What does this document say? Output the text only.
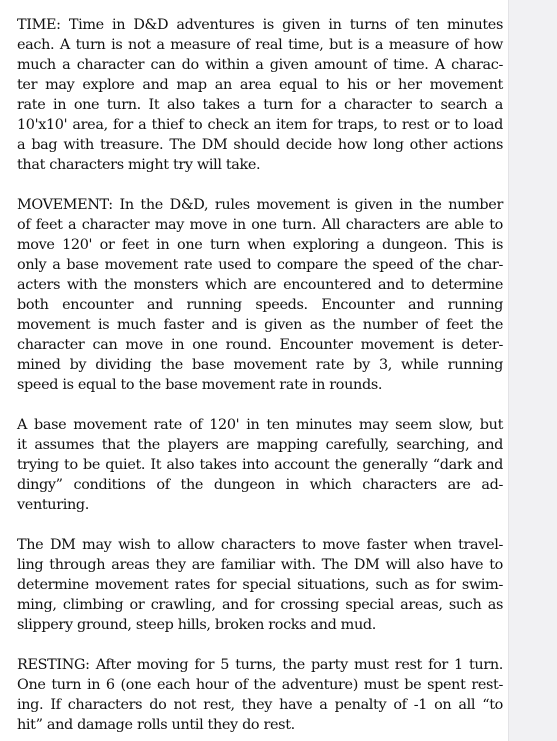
TIME: Time in D&D adventures is given in turns of ten minutes
each. A turn is not a measure of real time, but is a measure of how
much a character can do within a given amount of time. A charac-
ter may explore and map an area equal to his or her movement
rate in one turn. It also takes a turn for a character to search a
10'x10' area, for a thief to check an item for traps, to rest or to load
a bag with treasure. The DM should decide how long other actions
that characters might try will take.
MOVEMENT: In the D&D, rules movement is given in the number
of feet a character may move in one turn. All characters are able to
move 120' or feet in one turn when exploring a dungeon. This is
only a base movement rate used to compare the speed of the char-
acters with the monsters which are encountered and to determine
both encounter and running speeds. Encounter and running
movement is much faster and is given as the number of feet the
character can move in one round. Encounter movement is deter-
mined by dividing the base movement rate by 3, while running
speed is equal to the base movement rate in rounds.
A base movement rate of 120' in ten minutes may seem slow, but
it assumes that the players are mapping carefully, searching, and
trying to be quiet. It also takes into account the generally “dark and
dingy” conditions of the dungeon in which characters are ad-
venturing.
The DM may wish to allow characters to move faster when travel-
ling through areas they are familiar with. The DM will also have to
determine movement rates for special situations, such as for swim-
ming, climbing or crawling, and for crossing special areas, such as
slippery ground, steep hills, broken rocks and mud.
RESTING: After moving for 5 turns, the party must rest for 1 turn.
One turn in 6 (one each hour of the adventure) must be spent rest-
ing. If characters do not rest, they have a penalty of -1 on all “to
hit” and damage rolls until they do rest.
